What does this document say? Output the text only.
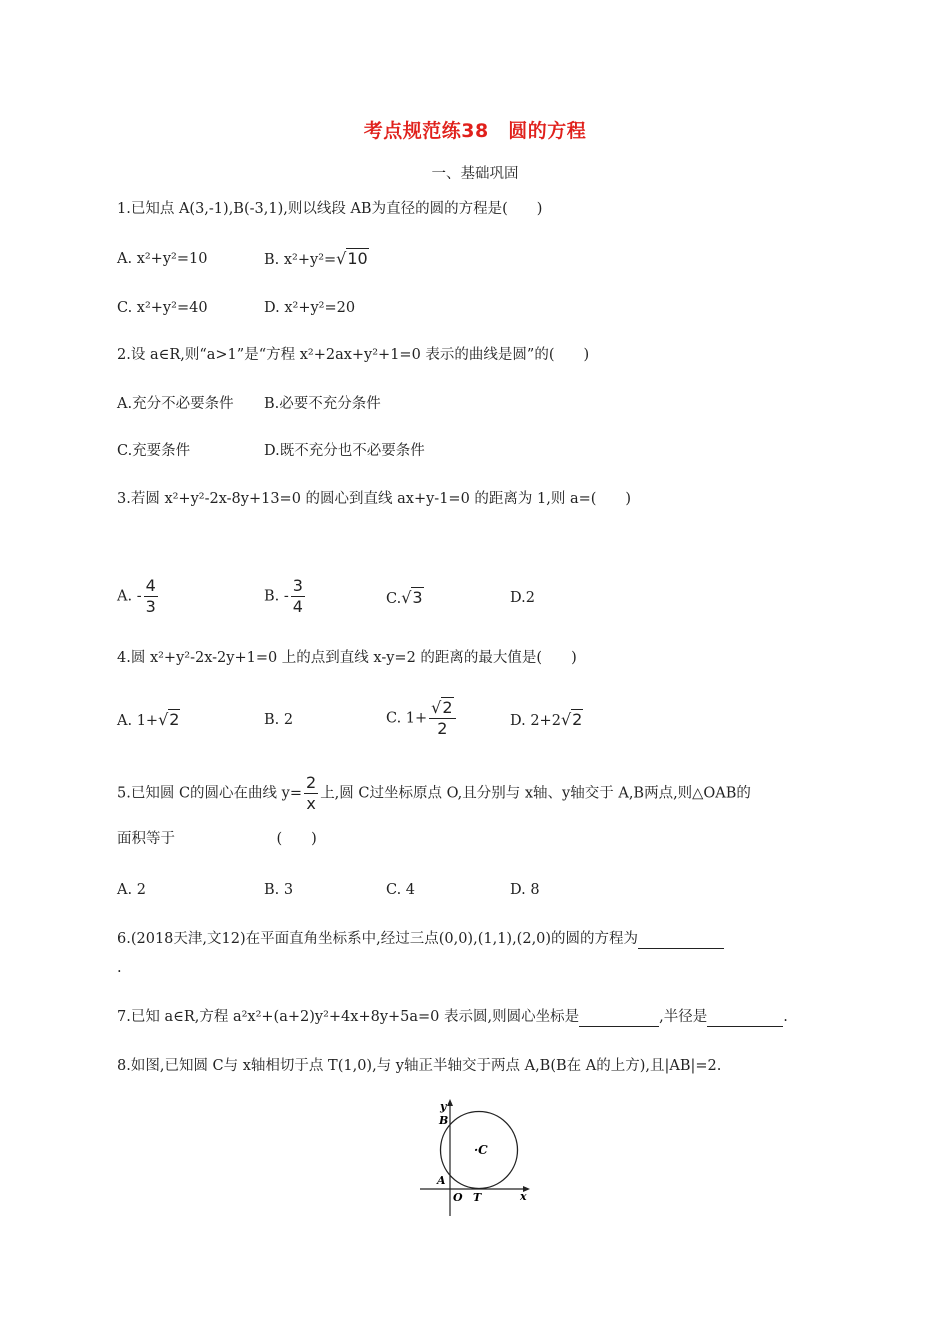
考点规范练38　圆的方程
一、基础巩固
1.已知点 A(3,-1),B(-3,1),则以线段 AB为直径的圆的方程是(　　)
A. x²+y²=10	B. x²+y²=√10
C. x²+y²=40	D. x²+y²=20
2.设 a∈R,则“a>1”是“方程 x²+2ax+y²+1=0 表示的曲线是圆”的(　　)
A.充分不必要条件 B.必要不充分条件
C.充要条件	D.既不充分也不必要条件
3.若圆 x²+y²-2x-8y+13=0 的圆心到直线 ax+y-1=0 的距离为 1,则 a=(　　)
A. - $\frac{4}{3}$	B. - $\frac{3}{4}$	C.√3	D.2
4.圆 x²+y²-2x-2y+1=0 上的点到直线 x-y=2 的距离的最大值是(　　)
A. 1+√2	B. 2	C. $1+ \frac{√2}{2}$	D. 2+2√2
5.已知圆 C的圆心在曲线 $y= \frac{2}{x}$ 上,圆 C过坐标原点 O,且分别与 x轴、y轴交于 A,B两点,则△OAB的
面积等于　　　　　　　(　　)
A. 2	B. 3	C. 4	D. 8
6.(2018天津,文12)在平面直角坐标系中,经过三点(0,0),(1,1),(2,0)的圆的方程为
.
7.已知 a∈R,方程 a²x²+(a+2)y²+4x+8y+5a=0 表示圆,则圆心坐标是	,半径是	.
8.如图,已知圆 C与 x轴相切于点 T(1,0),与 y轴正半轴交于两点 A,B(B在 A的上方),且|AB|=2.
y
x
B
A
O T
·C
